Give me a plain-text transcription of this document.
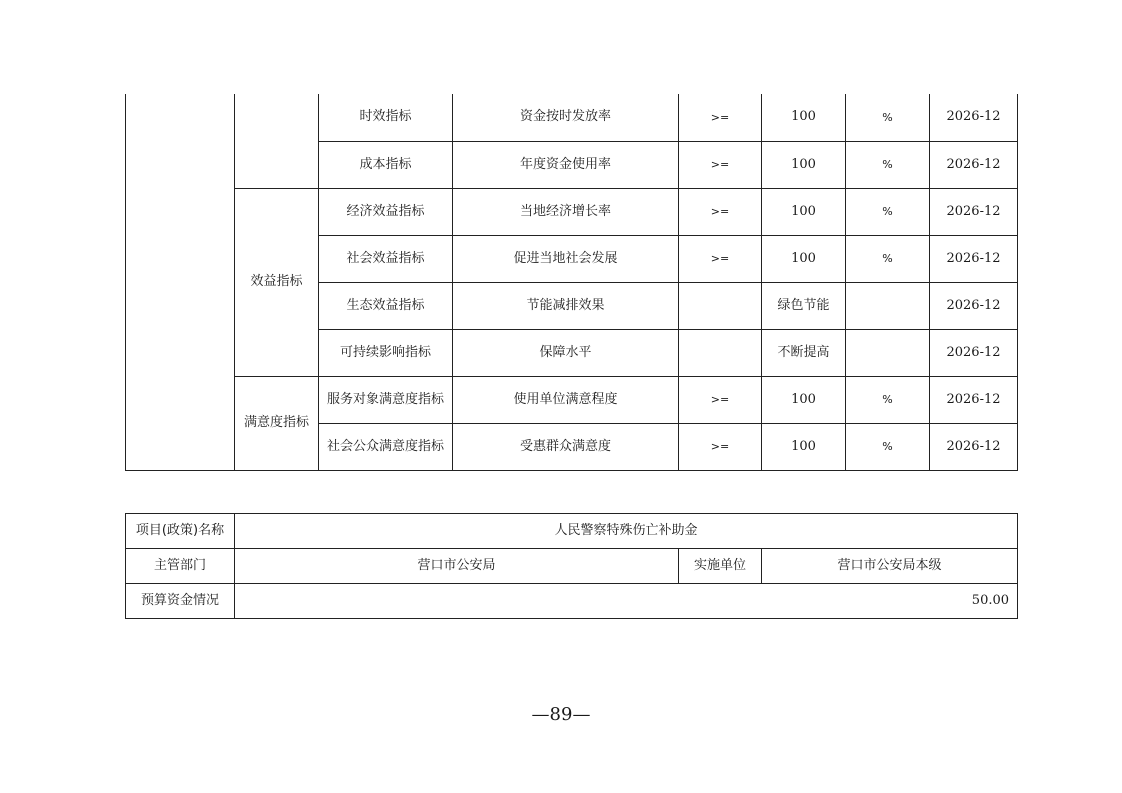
		时效指标	资金按时发放率	>=	100	%	2026-12
		成本指标	年度资金使用率	>=	100	%	2026-12
	效益指标	经济效益指标	当地经济增长率	>=	100	%	2026-12
		社会效益指标	促进当地社会发展	>=	100	%	2026-12
		生态效益指标	节能减排效果		绿色节能		2026-12
		可持续影响指标	保障水平		不断提高		2026-12
	满意度指标	服务对象满意度指标	使用单位满意程度	>=	100	%	2026-12
		社会公众满意度指标	受惠群众满意度	>=	100	%	2026-12
项目(政策)名称	人民警察特殊伤亡补助金		
主管部门	营口市公安局	实施单位	营口市公安局本级
预算资金情况	50.00		
—89—
